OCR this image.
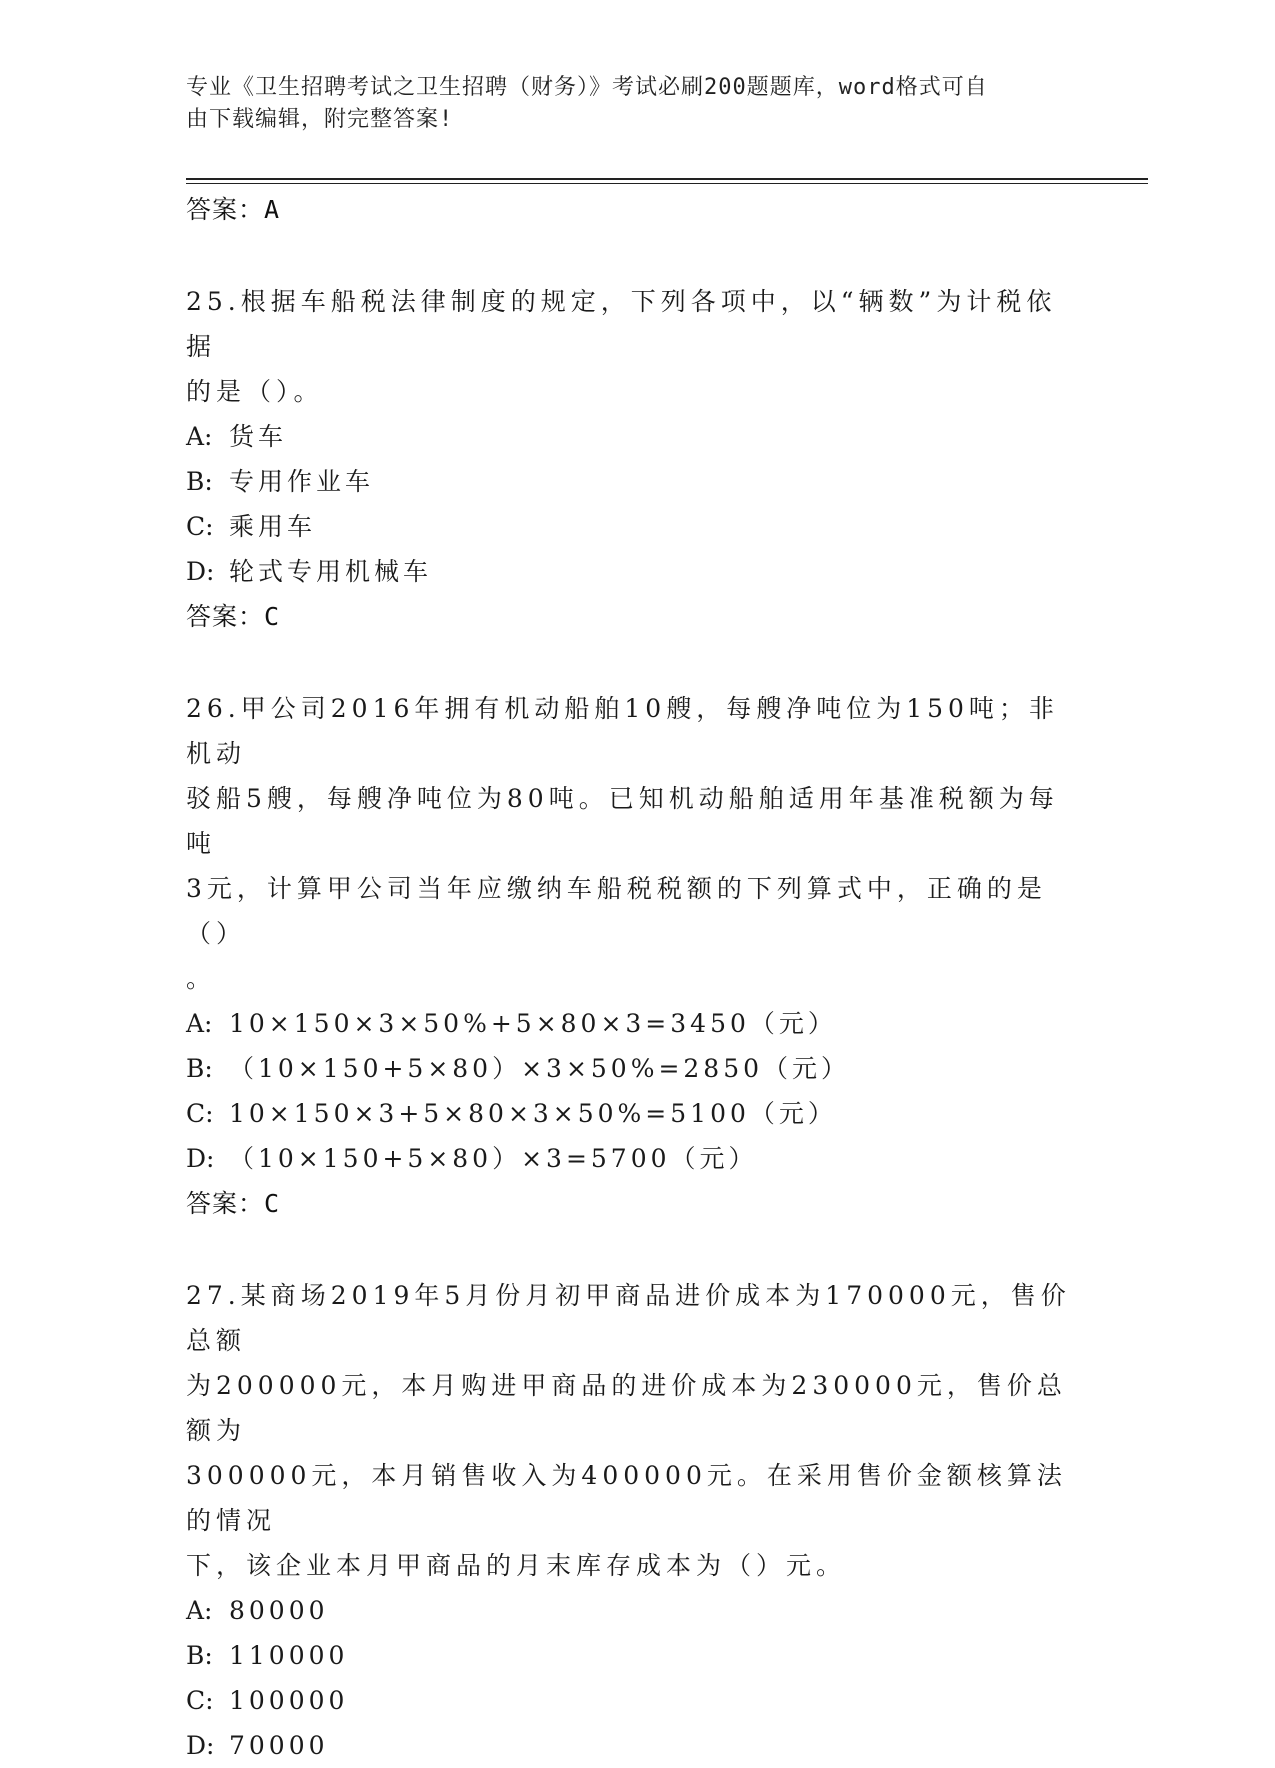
专业《卫生招聘考试之卫生招聘（财务）》考试必刷200题题库，word格式可自
由下载编辑，附完整答案!

答案：A

25.根据车船税法律制度的规定，下列各项中，以“辆数”为计税依据

的是（）。

A: 货车

B: 专用作业车

C: 乘用车

D: 轮式专用机械车

答案：C

26.甲公司2016年拥有机动船舶10艘，每艘净吨位为150吨；非机动

驳船5艘，每艘净吨位为80吨。已知机动船舶适用年基准税额为每吨

3元，计算甲公司当年应缴纳车船税税额的下列算式中，正确的是（）

。

A: 10×150×3×50%+5×80×3=3450（元）

B: （10×150+5×80）×3×50%=2850（元）

C: 10×150×3+5×80×3×50%=5100（元）

D: （10×150+5×80）×3=5700（元）

答案：C

27.某商场2019年5月份月初甲商品进价成本为170000元，售价总额

为200000元，本月购进甲商品的进价成本为230000元，售价总额为

300000元，本月销售收入为400000元。在采用售价金额核算法的情况

下，该企业本月甲商品的月末库存成本为（）元。

A: 80000

B: 110000

C: 100000

D: 70000
